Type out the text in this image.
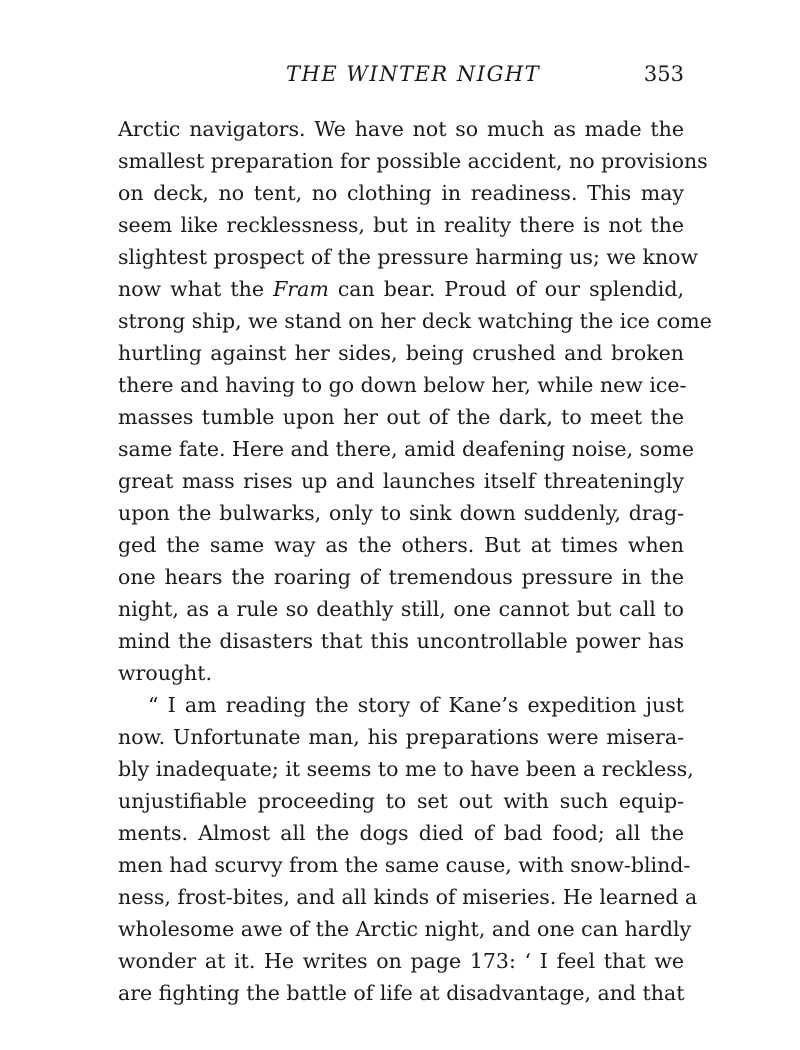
THE WINTER NIGHT	353
Arctic navigators. We have not so much as made the
smallest preparation for possible accident, no provisions
on deck, no tent, no clothing in readiness. This may
seem like recklessness, but in reality there is not the
slightest prospect of the pressure harming us; we know
now what the Fram can bear. Proud of our splendid,
strong ship, we stand on her deck watching the ice come
hurtling against her sides, being crushed and broken
there and having to go down below her, while new ice-
masses tumble upon her out of the dark, to meet the
same fate. Here and there, amid deafening noise, some
great mass rises up and launches itself threateningly
upon the bulwarks, only to sink down suddenly, drag-
ged the same way as the others. But at times when
one hears the roaring of tremendous pressure in the
night, as a rule so deathly still, one cannot but call to
mind the disasters that this uncontrollable power has
wrought.
“ I am reading the story of Kane’s expedition just
now. Unfortunate man, his preparations were misera-
bly inadequate; it seems to me to have been a reckless,
unjustifiable proceeding to set out with such equip-
ments. Almost all the dogs died of bad food; all the
men had scurvy from the same cause, with snow-blind-
ness, frost-bites, and all kinds of miseries. He learned a
wholesome awe of the Arctic night, and one can hardly
wonder at it. He writes on page 173: ‘ I feel that we
are fighting the battle of life at disadvantage, and that
